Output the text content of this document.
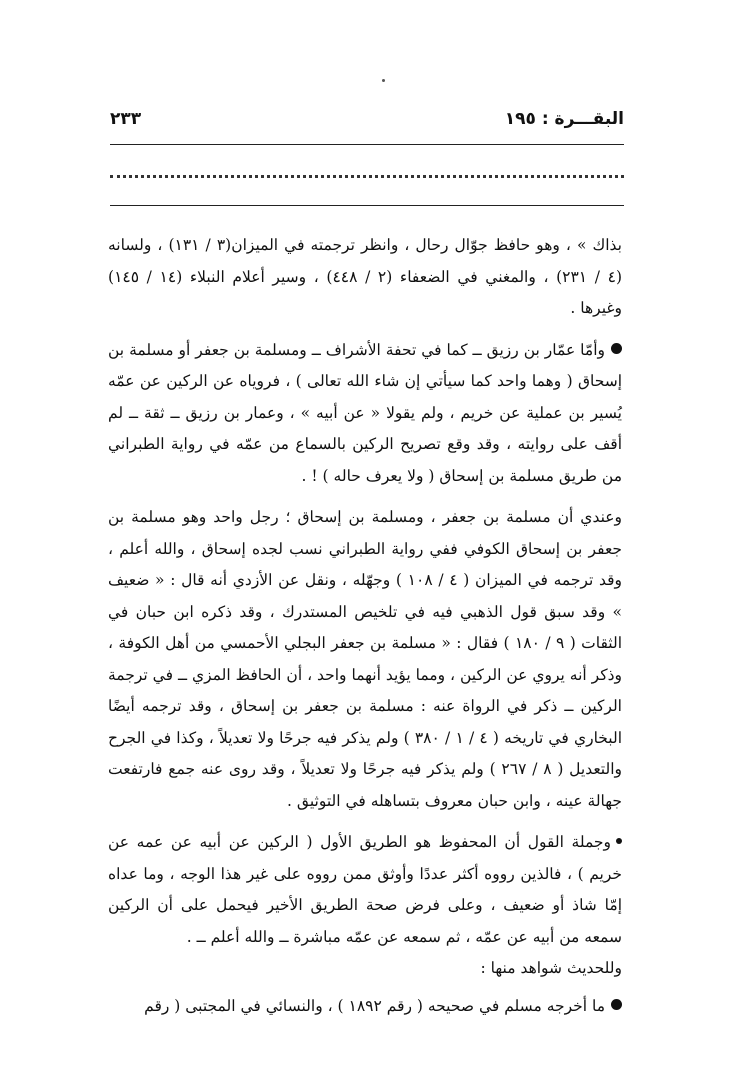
البقـــرة : ١٩٥
٢٣٣

بذاك » ، وهو حافظ جوّال رحال ، وانظر ترجمته في الميزان(٣ / ١٣١) ، ولسانه (٤ / ٢٣١) ، والمغني في الضعفاء (٢ / ٤٤٨) ، وسير أعلام النبلاء (١٤ / ١٤٥) وغيرها .

وأمّا عمّار بن رزيق ــ كما في تحفة الأشراف ــ ومسلمة بن جعفر أو مسلمة بن إسحاق ( وهما واحد كما سيأتي إن شاء الله تعالى ) ، فروياه عن الركين عن عمّه يُسير بن عملية عن خريم ، ولم يقولا « عن أبيه » ، وعمار بن رزيق ــ ثقة ــ لم أقف على روايته ، وقد وقع تصريح الركين بالسماع من عمّه في رواية الطبراني من طريق مسلمة بن إسحاق ( ولا يعرف حاله ) ! .

وعندي أن مسلمة بن جعفر ، ومسلمة بن إسحاق ؛ رجل واحد وهو مسلمة بن جعفر بن إسحاق الكوفي ففي رواية الطبراني نسب لجده إسحاق ، والله أعلم ، وقد ترجمه في الميزان ( ٤ / ١٠٨ ) وجهّله ، ونقل عن الأزدي أنه قال : « ضعيف » وقد سبق قول الذهبي فيه في تلخيص المستدرك ، وقد ذكره ابن حبان في الثقات ( ٩ / ١٨٠ ) فقال : « مسلمة بن جعفر البجلي الأحمسي من أهل الكوفة ، وذكر أنه يروي عن الركين ، ومما يؤيد أنهما واحد ، أن الحافظ المزي ــ في ترجمة الركين ــ ذكر في الرواة عنه : مسلمة بن جعفر بن إسحاق ، وقد ترجمه أيضًا البخاري في تاريخه ( ٤ / ١ / ٣٨٠ ) ولم يذكر فيه جرحًا ولا تعديلاً ، وكذا في الجرح والتعديل ( ٨ / ٢٦٧ ) ولم يذكر فيه جرحًا ولا تعديلاً ، وقد روى عنه جمع فارتفعت جهالة عينه ، وابن حبان معروف بتساهله في التوثيق .

وجملة القول أن المحفوظ هو الطريق الأول ( الركين عن أبيه عن عمه عن خريم ) ، فالذين رووه أكثر عددًا وأوثق ممن رووه على غير هذا الوجه ، وما عداه إمّا شاذ أو ضعيف ، وعلى فرض صحة الطريق الأخير فيحمل على أن الركين سمعه من أبيه عن عمّه ، ثم سمعه عن عمّه مباشرة ــ والله أعلم ــ .

وللحديث شواهد منها :

ما أخرجه مسلم في صحيحه ( رقم ١٨٩٢ ) ، والنسائي في المجتبى ( رقم
